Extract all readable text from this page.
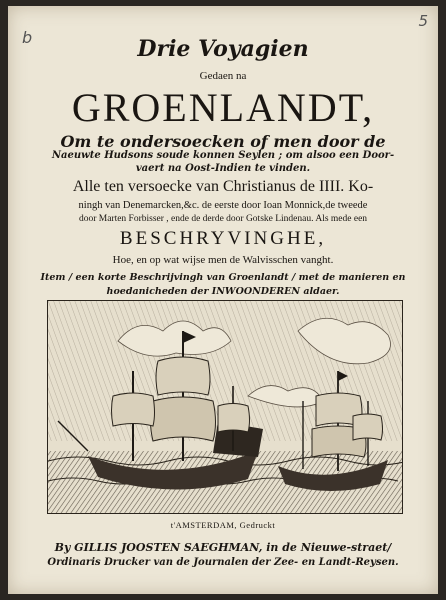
b
5
Drie Voyagien
Gedaen na
GROENLANDT,
Om te ondersoecken of men door de
Naeuwte Hudsons soude konnen Seylen ; om alsoo een Door-
vaert na Oost-Indien te vinden.
Alle ten versoecke van Christianus de IIII. Ko-
ningh van Denemarcken,&c. de eerste door Ioan Monnick,de tweede
door Marten Forbisser , ende de derde door Gotske Lindenau. Als mede een
BESCHRYVINGHE,
Hoe, en op wat wijse men de Walvisschen vanght.
Item / een korte Beschrijvingh van Groenlandt / met de manieren en
hoedanicheden der INWOONDEREN aldaer.
t'AMSTERDAM, Gedruckt
By GILLIS JOOSTEN SAEGHMAN, in de Nieuwe-straet/
Ordinaris Drucker van de Journalen der Zee- en Landt-Reysen.
